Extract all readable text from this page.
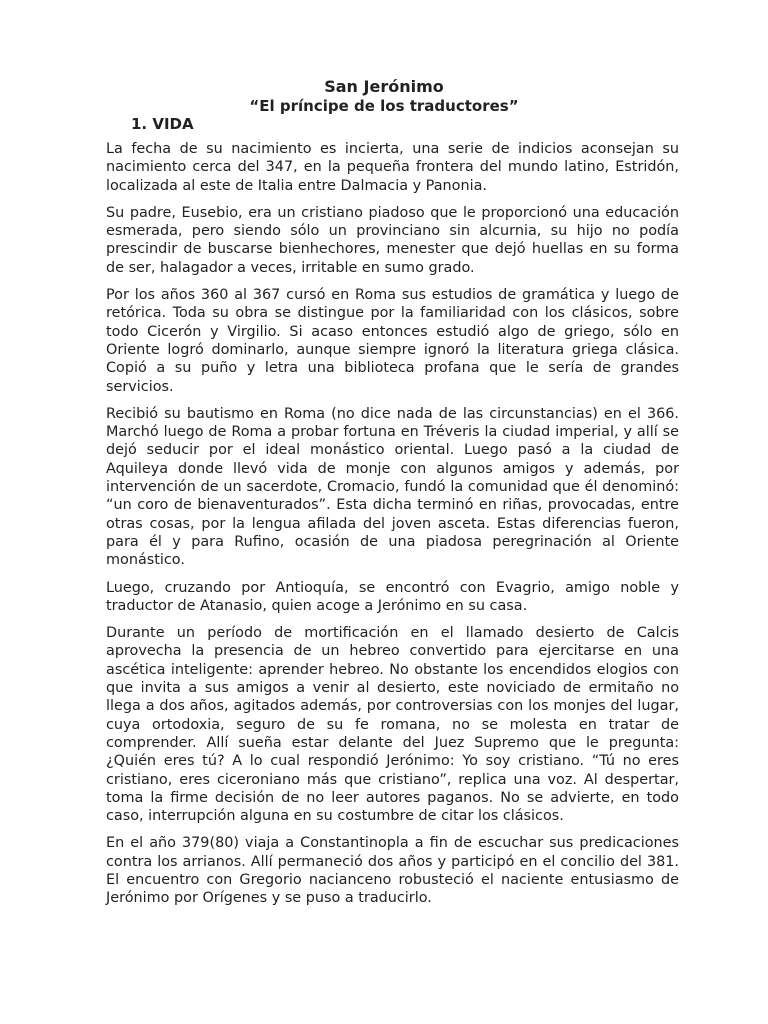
San Jerónimo
“El príncipe de los traductores”
1. VIDA

La fecha de su nacimiento es incierta, una serie de indicios aconsejan su nacimiento cerca del 347, en la pequeña frontera del mundo latino, Estridón, localizada al este de Italia entre Dalmacia y Panonia.

Su padre, Eusebio, era un cristiano piadoso que le proporcionó una educación esmerada, pero siendo sólo un provinciano sin alcurnia, su hijo no podía prescindir de buscarse bienhechores, menester que dejó huellas en su forma de ser, halagador a veces, irritable en sumo grado.

Por los años 360 al 367 cursó en Roma sus estudios de gramática y luego de retórica. Toda su obra se distingue por la familiaridad con los clásicos, sobre todo Cicerón y Virgilio. Si acaso entonces estudió algo de griego, sólo en Oriente logró dominarlo, aunque siempre ignoró la literatura griega clásica. Copió a su puño y letra una biblioteca profana que le sería de grandes servicios.

Recibió su bautismo en Roma (no dice nada de las circunstancias) en el 366. Marchó luego de Roma a probar fortuna en Tréveris la ciudad imperial, y allí se dejó seducir por el ideal monástico oriental. Luego pasó a la ciudad de Aquileya donde llevó vida de monje con algunos amigos y además, por intervención de un sacerdote, Cromacio, fundó la comunidad que él denominó: “un coro de bienaventurados”. Esta dicha terminó en riñas, provocadas, entre otras cosas, por la lengua afilada del joven asceta. Estas diferencias fueron, para él y para Rufino, ocasión de una piadosa peregrinación al Oriente monástico.

Luego, cruzando por Antioquía, se encontró con Evagrio, amigo noble y traductor de Atanasio, quien acoge a Jerónimo en su casa.

Durante un período de mortificación en el llamado desierto de Calcis aprovecha la presencia de un hebreo convertido para ejercitarse en una ascética inteligente: aprender hebreo. No obstante los encendidos elogios con que invita a sus amigos a venir al desierto, este noviciado de ermitaño no llega a dos años, agitados además, por controversias con los monjes del lugar, cuya ortodoxia, seguro de su fe romana, no se molesta en tratar de comprender. Allí sueña estar delante del Juez Supremo que le pregunta: ¿Quién eres tú? A lo cual respondió Jerónimo: Yo soy cristiano. “Tú no eres cristiano, eres ciceroniano más que cristiano”, replica una voz. Al despertar, toma la firme decisión de no leer autores paganos. No se advierte, en todo caso, interrupción alguna en su costumbre de citar los clásicos.

En el año 379(80) viaja a Constantinopla a fin de escuchar sus predicaciones contra los arrianos. Allí permaneció dos años y participó en el concilio del 381. El encuentro con Gregorio nacianceno robusteció el naciente entusiasmo de Jerónimo por Orígenes y se puso a traducirlo.
